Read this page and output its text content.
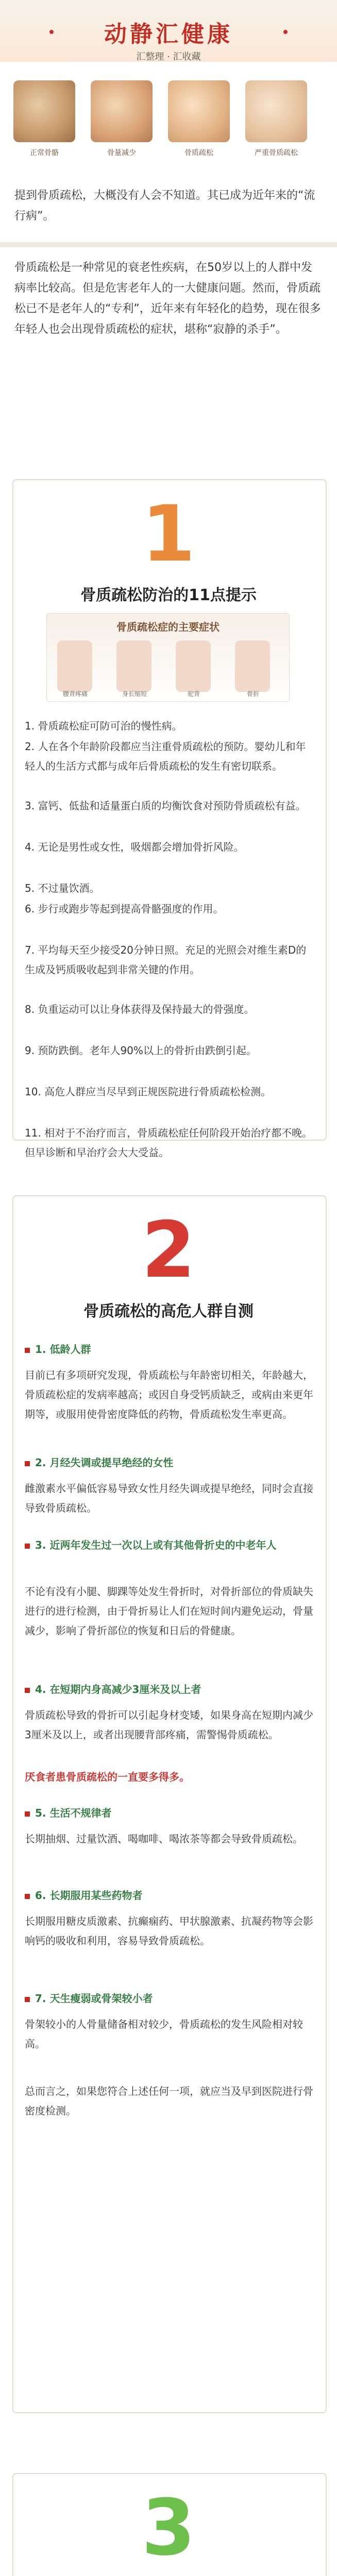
动静汇健康
汇整理 · 汇收藏
正常骨骼	骨量减少	骨质疏松	严重骨质疏松
提到骨质疏松，大概没有人会不知道。其已成为近年来的“流行病”。
骨质疏松是一种常见的衰老性疾病，在50岁以上的人群中发病率比较高。但是危害老年人的一大健康问题。然而，骨质疏松已不是老年人的“专利”，近年来有年轻化的趋势，现在很多年轻人也会出现骨质疏松的症状，堪称“寂静的杀手”。
1
骨质疏松防治的11点提示
骨质疏松症的主要症状
腰背疼痛	身长缩短	驼背	骨折
1. 骨质疏松症可防可治的慢性病。
2. 人在各个年龄阶段都应当注重骨质疏松的预防。婴幼儿和年轻人的生活方式都与成年后骨质疏松的发生有密切联系。
3. 富钙、低盐和适量蛋白质的均衡饮食对预防骨质疏松有益。
4. 无论是男性或女性，吸烟都会增加骨折风险。
5. 不过量饮酒。
6. 步行或跑步等起到提高骨骼强度的作用。
7. 平均每天至少接受20分钟日照。充足的光照会对维生素D的生成及钙质吸收起到非常关键的作用。
8. 负重运动可以让身体获得及保持最大的骨强度。
9. 预防跌倒。老年人90%以上的骨折由跌倒引起。
10. 高危人群应当尽早到正规医院进行骨质疏松检测。
11. 相对于不治疗而言，骨质疏松症任何阶段开始治疗都不晚。但早诊断和早治疗会大大受益。
2
骨质疏松的高危人群自测
1. 低龄人群
目前已有多项研究发现，骨质疏松与年龄密切相关，年龄越大，骨质疏松症的发病率越高；或因自身受钙质缺乏，或病由来更年期等，或服用使骨密度降低的药物，骨质疏松发生率更高。
2. 月经失调或提早绝经的女性
雌激素水平偏低容易导致女性月经失调或提早绝经，同时会直接导致骨质疏松。
3. 近两年发生过一次以上或有其他骨折史的中老年人
不论有没有小腿、脚踝等处发生骨折时，对骨折部位的骨质缺失进行的进行检测，由于骨折易让人们在短时间内避免运动，骨量减少，影响了骨折部位的恢复和日后的骨健康。
4. 在短期内身高减少3厘米及以上者
骨质疏松导致的骨折可以引起身材变矮，如果身高在短期内减少3厘米及以上，或者出现腰背部疼痛，需警惕骨质疏松。
厌食者患骨质疏松的一直要多得多。
5. 生活不规律者
长期抽烟、过量饮酒、喝咖啡、喝浓茶等都会导致骨质疏松。
6. 长期服用某些药物者
长期服用糖皮质激素、抗癫痫药、甲状腺激素、抗凝药物等会影响钙的吸收和利用，容易导致骨质疏松。
7. 天生瘦弱或骨架较小者
骨架较小的人骨量储备相对较少，骨质疏松的发生风险相对较高。
总而言之，如果您符合上述任何一项，就应当及早到医院进行骨密度检测。
3
